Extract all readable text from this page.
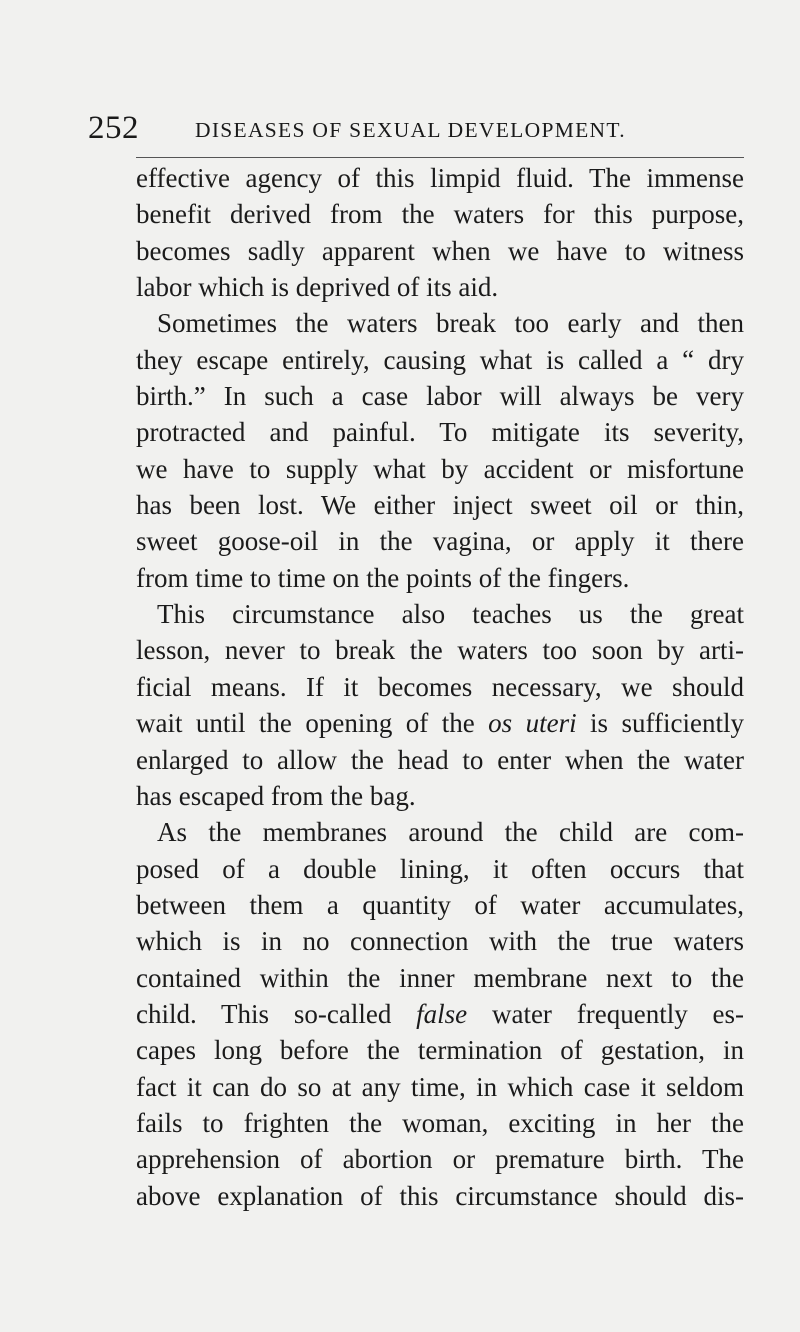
252	DISEASES OF SEXUAL DEVELOPMENT.
effective agency of this limpid fluid. The immense
benefit derived from the waters for this purpose,
becomes sadly apparent when we have to witness
labor which is deprived of its aid.
Sometimes the waters break too early and then
they escape entirely, causing what is called a “ dry
birth.” In such a case labor will always be very
protracted and painful. To mitigate its severity,
we have to supply what by accident or misfortune
has been lost. We either inject sweet oil or thin,
sweet goose-oil in the vagina, or apply it there
from time to time on the points of the fingers.
This circumstance also teaches us the great
lesson, never to break the waters too soon by arti-
ficial means. If it becomes necessary, we should
wait until the opening of the os uteri is sufficiently
enlarged to allow the head to enter when the water
has escaped from the bag.
As the membranes around the child are com-
posed of a double lining, it often occurs that
between them a quantity of water accumulates,
which is in no connection with the true waters
contained within the inner membrane next to the
child. This so-called false water frequently es-
capes long before the termination of gestation, in
fact it can do so at any time, in which case it seldom
fails to frighten the woman, exciting in her the
apprehension of abortion or premature birth. The
above explanation of this circumstance should dis-
